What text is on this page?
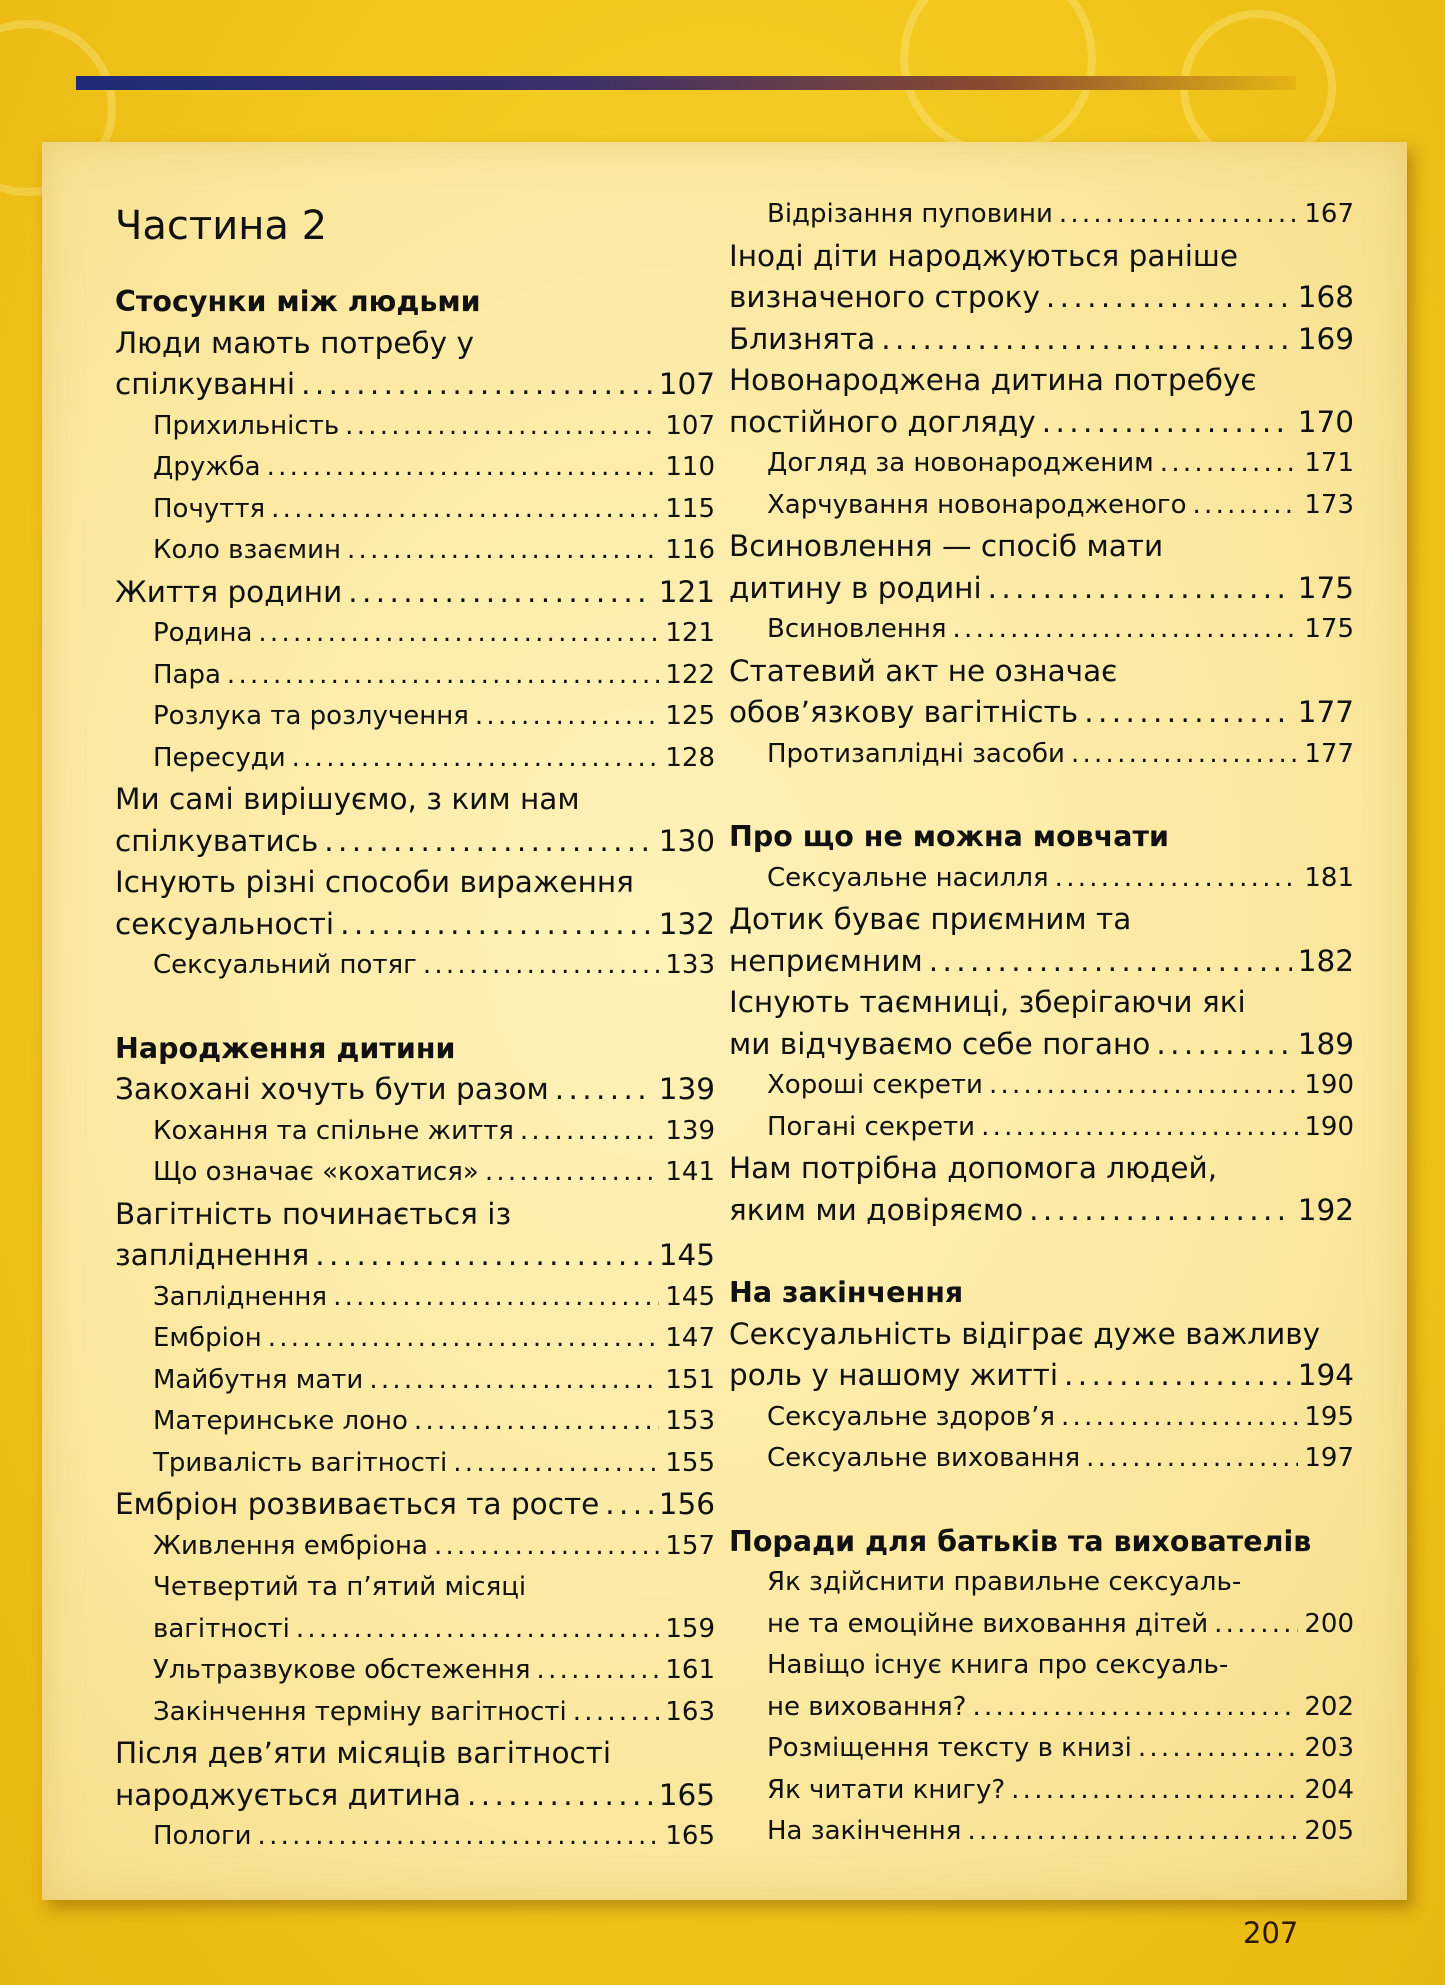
Частина 2
Стосунки між людьми
Люди мають потребу у
спілкуванні . . .	107
Прихильність . . .	107
Дружба . . .	110
Почуття . . .	115
Коло взаємин . . .	116
Життя родини . . .	121
Родина . . .	121
Пара . . .	122
Розлука та розлучення . . .	125
Пересуди . . .	128
Ми самі вирішуємо, з ким нам
спілкуватись . . .	130
Існують різні способи вираження
сексуальності . . .	132
Сексуальний потяг . . .	133
Народження дитини
Закохані хочуть бути разом . . .	139
Кохання та спільне життя . . .	139
Що означає «кохатися» . . .	141
Вагітність починається із
запліднення . . .	145
Запліднення . . .	145
Ембріон . . .	147
Майбутня мати . . .	151
Материнське лоно . . .	153
Тривалість вагітності . . .	155
Ембріон розвивається та росте . . . 156
Живлення ембріона . . .	157
Четвертий та п’ятий місяці
вагітності . . .	159
Ультразвукове обстеження . . .	161
Закінчення терміну вагітності . . .	163
Після дев’яти місяців вагітності
народжується дитина . . .	165
Пологи . . .	165
Відрізання пуповини . . .	167
Іноді діти народжуються раніше
визначеного строку . . .	168
Близнята . . .	169
Новонароджена дитина потребує
постійного догляду . . .	170
Догляд за новонародженим . . .	171
Харчування новонародженого . . .	173
Всиновлення — спосіб мати
дитину в родині . . .	175
Всиновлення . . .	175
Статевий акт не означає
обов’язкову вагітність . . .	177
Протизаплідні засоби . . .	177
Про що не можна мовчати
Сексуальне насилля . . .	181
Дотик буває приємним та
неприємним . . .	182
Існують таємниці, зберігаючи які
ми відчуваємо себе погано . . .	189
Хороші секрети . . .	190
Погані секрети . . .	190
Нам потрібна допомога людей,
яким ми довіряємо . . .	192
На закінчення
Сексуальність відіграє дуже важливу
роль у нашому житті . . .	194
Сексуальне здоров’я . . .	195
Сексуальне виховання . . .	197
Поради для батьків та вихователів
Як здійснити правильне сексуаль-
не та емоційне виховання дітей . . .	200
Навіщо існує книга про сексуаль-
не виховання? . . .	202
Розміщення тексту в книзі . . .	203
Як читати книгу? . . .	204
На закінчення . . .	205
207
